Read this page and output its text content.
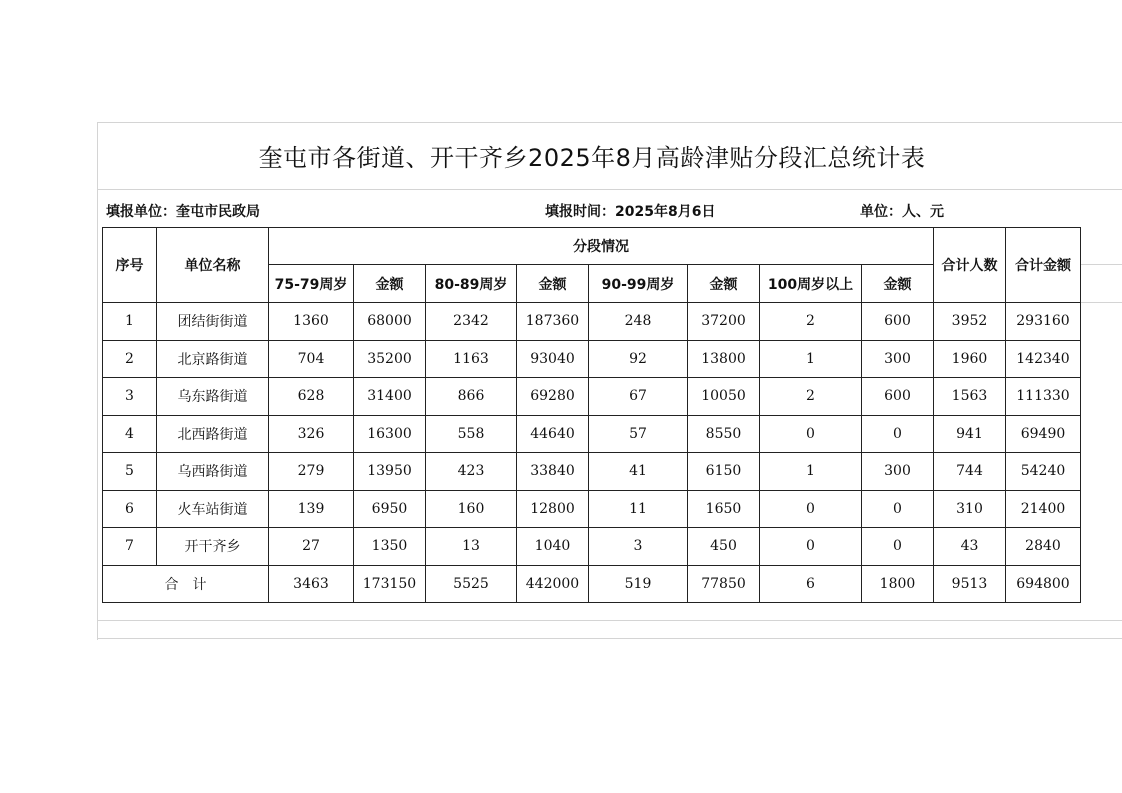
奎屯市各街道、开干齐乡2025年8月高龄津贴分段汇总统计表
填报单位：奎屯市民政局	填报时间：2025年8月6日	单位：人、元
序号	单位名称	分段情况								合计人数	合计金额
		75-79周岁	金额	80-89周岁	金额	90-99周岁	金额	100周岁以上	金额		
1	团结街街道	1360	68000	2342	187360	248	37200	2	600	3952	293160
2	北京路街道	704	35200	1163	93040	92	13800	1	300	1960	142340
3	乌东路街道	628	31400	866	69280	67	10050	2	600	1563	111330
4	北西路街道	326	16300	558	44640	57	8550	0	0	941	69490
5	乌西路街道	279	13950	423	33840	41	6150	1	300	744	54240
6	火车站街道	139	6950	160	12800	11	1650	0	0	310	21400
7	开干齐乡	27	1350	13	1040	3	450	0	0	43	2840
合　计		3463	173150	5525	442000	519	77850	6	1800	9513	694800
